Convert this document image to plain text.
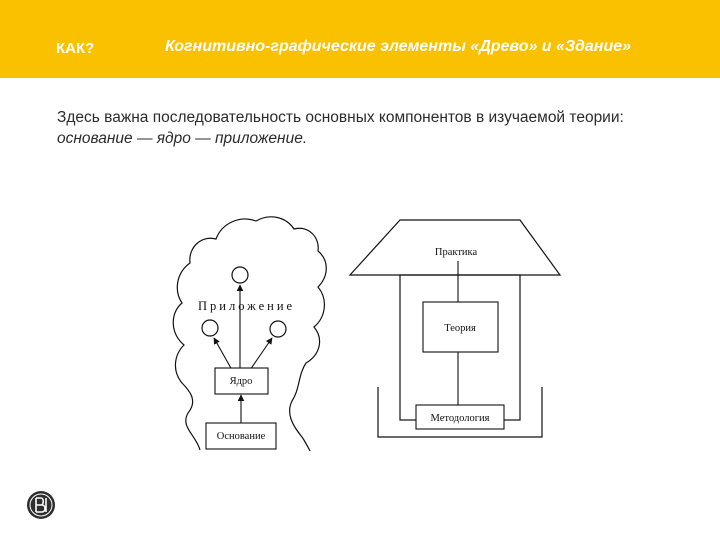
КАК?	Когнитивно-графические элементы «Древо» и «Здание»
Здесь важна последовательность основных компонентов в изучаемой теории:

основание — ядро — приложение.
Приложение
Ядро
Основание
Практика
Теория
Методология
